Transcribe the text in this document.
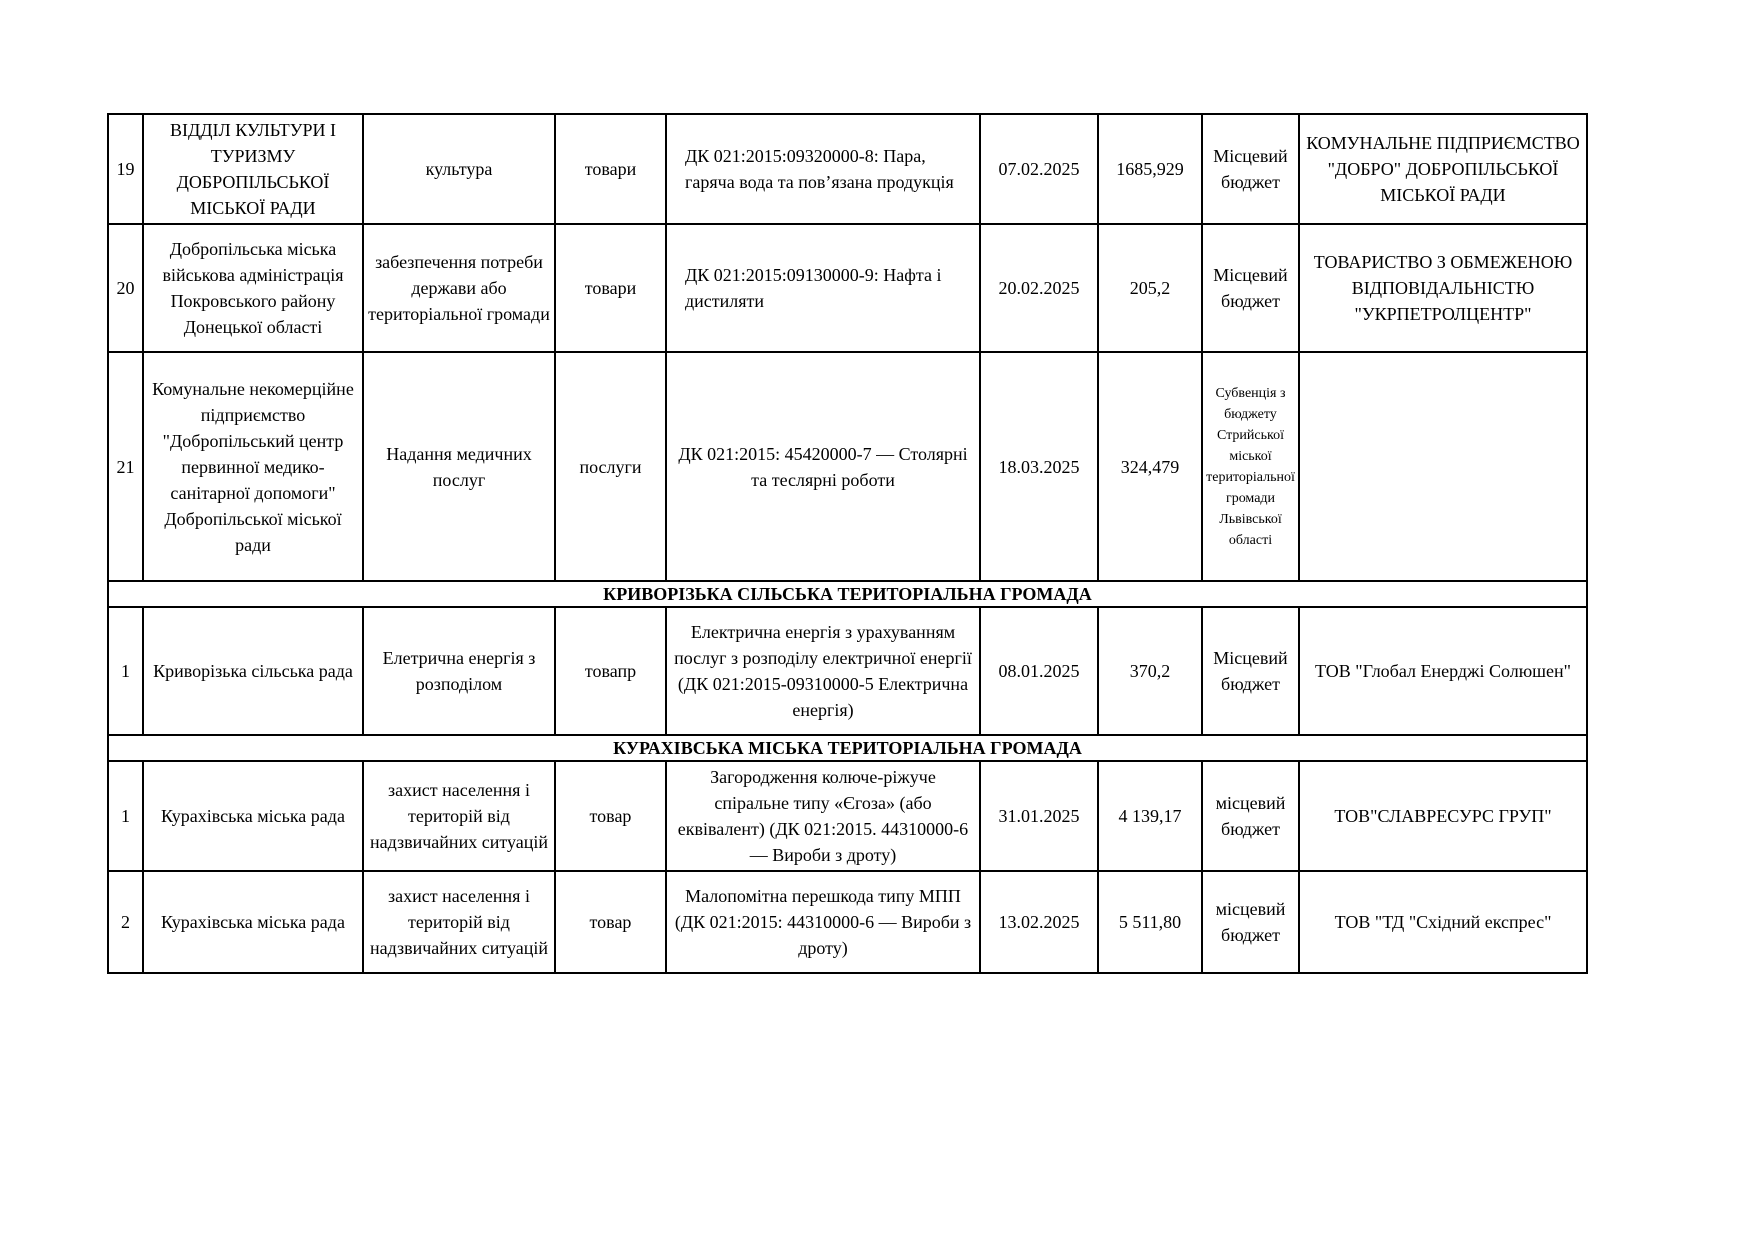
19	ВІДДІЛ КУЛЬТУРИ І ТУРИЗМУ ДОБРОПІЛЬСЬКОЇ МІСЬКОЇ РАДИ	культура	товари	ДК 021:2015:09320000-8: Пара, гаряча вода та пов’язана продукція	07.02.2025	1685,929	Місцевий бюджет	КОМУНАЛЬНЕ ПІДПРИЄМСТВО "ДОБРО" ДОБРОПІЛЬСЬКОЇ МІСЬКОЇ РАДИ
20	Добропільська міська військова адміністрація Покровського району Донецької області	забезпечення потреби держави або територіальної громади	товари	ДК 021:2015:09130000-9: Нафта і дистиляти	20.02.2025	205,2	Місцевий бюджет	ТОВАРИСТВО З ОБМЕЖЕНОЮ ВІДПОВІДАЛЬНІСТЮ "УКРПЕТРОЛЦЕНТР"
21	Комунальне некомерційне підприємство "Добропільський центр первинної медико-санітарної допомоги" Добропільської міської ради	Надання медичних послуг	послуги	ДК 021:2015: 45420000-7 — Столярні та теслярні роботи	18.03.2025	324,479	Субвенція з бюджету Стрийської міської територіальної громади Львівської області	
КРИВОРІЗЬКА СІЛЬСЬКА ТЕРИТОРІАЛЬНА ГРОМАДА								
1	Криворізька сільська рада	Елетрична енергія з розподілом	товапр	Електрична енергія з урахуванням послуг з розподілу електричної енергії (ДК 021:2015-09310000-5 Електрична енергія)	08.01.2025	370,2	Місцевий бюджет	ТОВ "Глобал Енерджі Солюшен"
КУРАХІВСЬКА МІСЬКА ТЕРИТОРІАЛЬНА ГРОМАДА								
1	Курахівська міська рада	захист населення і територій від надзвичайних ситуацій	товар	Загородження колюче-ріжуче спіральне типу «Єгоза» (або еквівалент) (ДК 021:2015. 44310000-6 — Вироби з дроту)	31.01.2025	4 139,17	місцевий бюджет	ТОВ"СЛАВРЕСУРС ГРУП"
2	Курахівська міська рада	захист населення і територій від надзвичайних ситуацій	товар	Малопомітна перешкода типу МПП (ДК 021:2015: 44310000-6 — Вироби з дроту)	13.02.2025	5 511,80	місцевий бюджет	ТОВ "ТД "Східний експрес"
